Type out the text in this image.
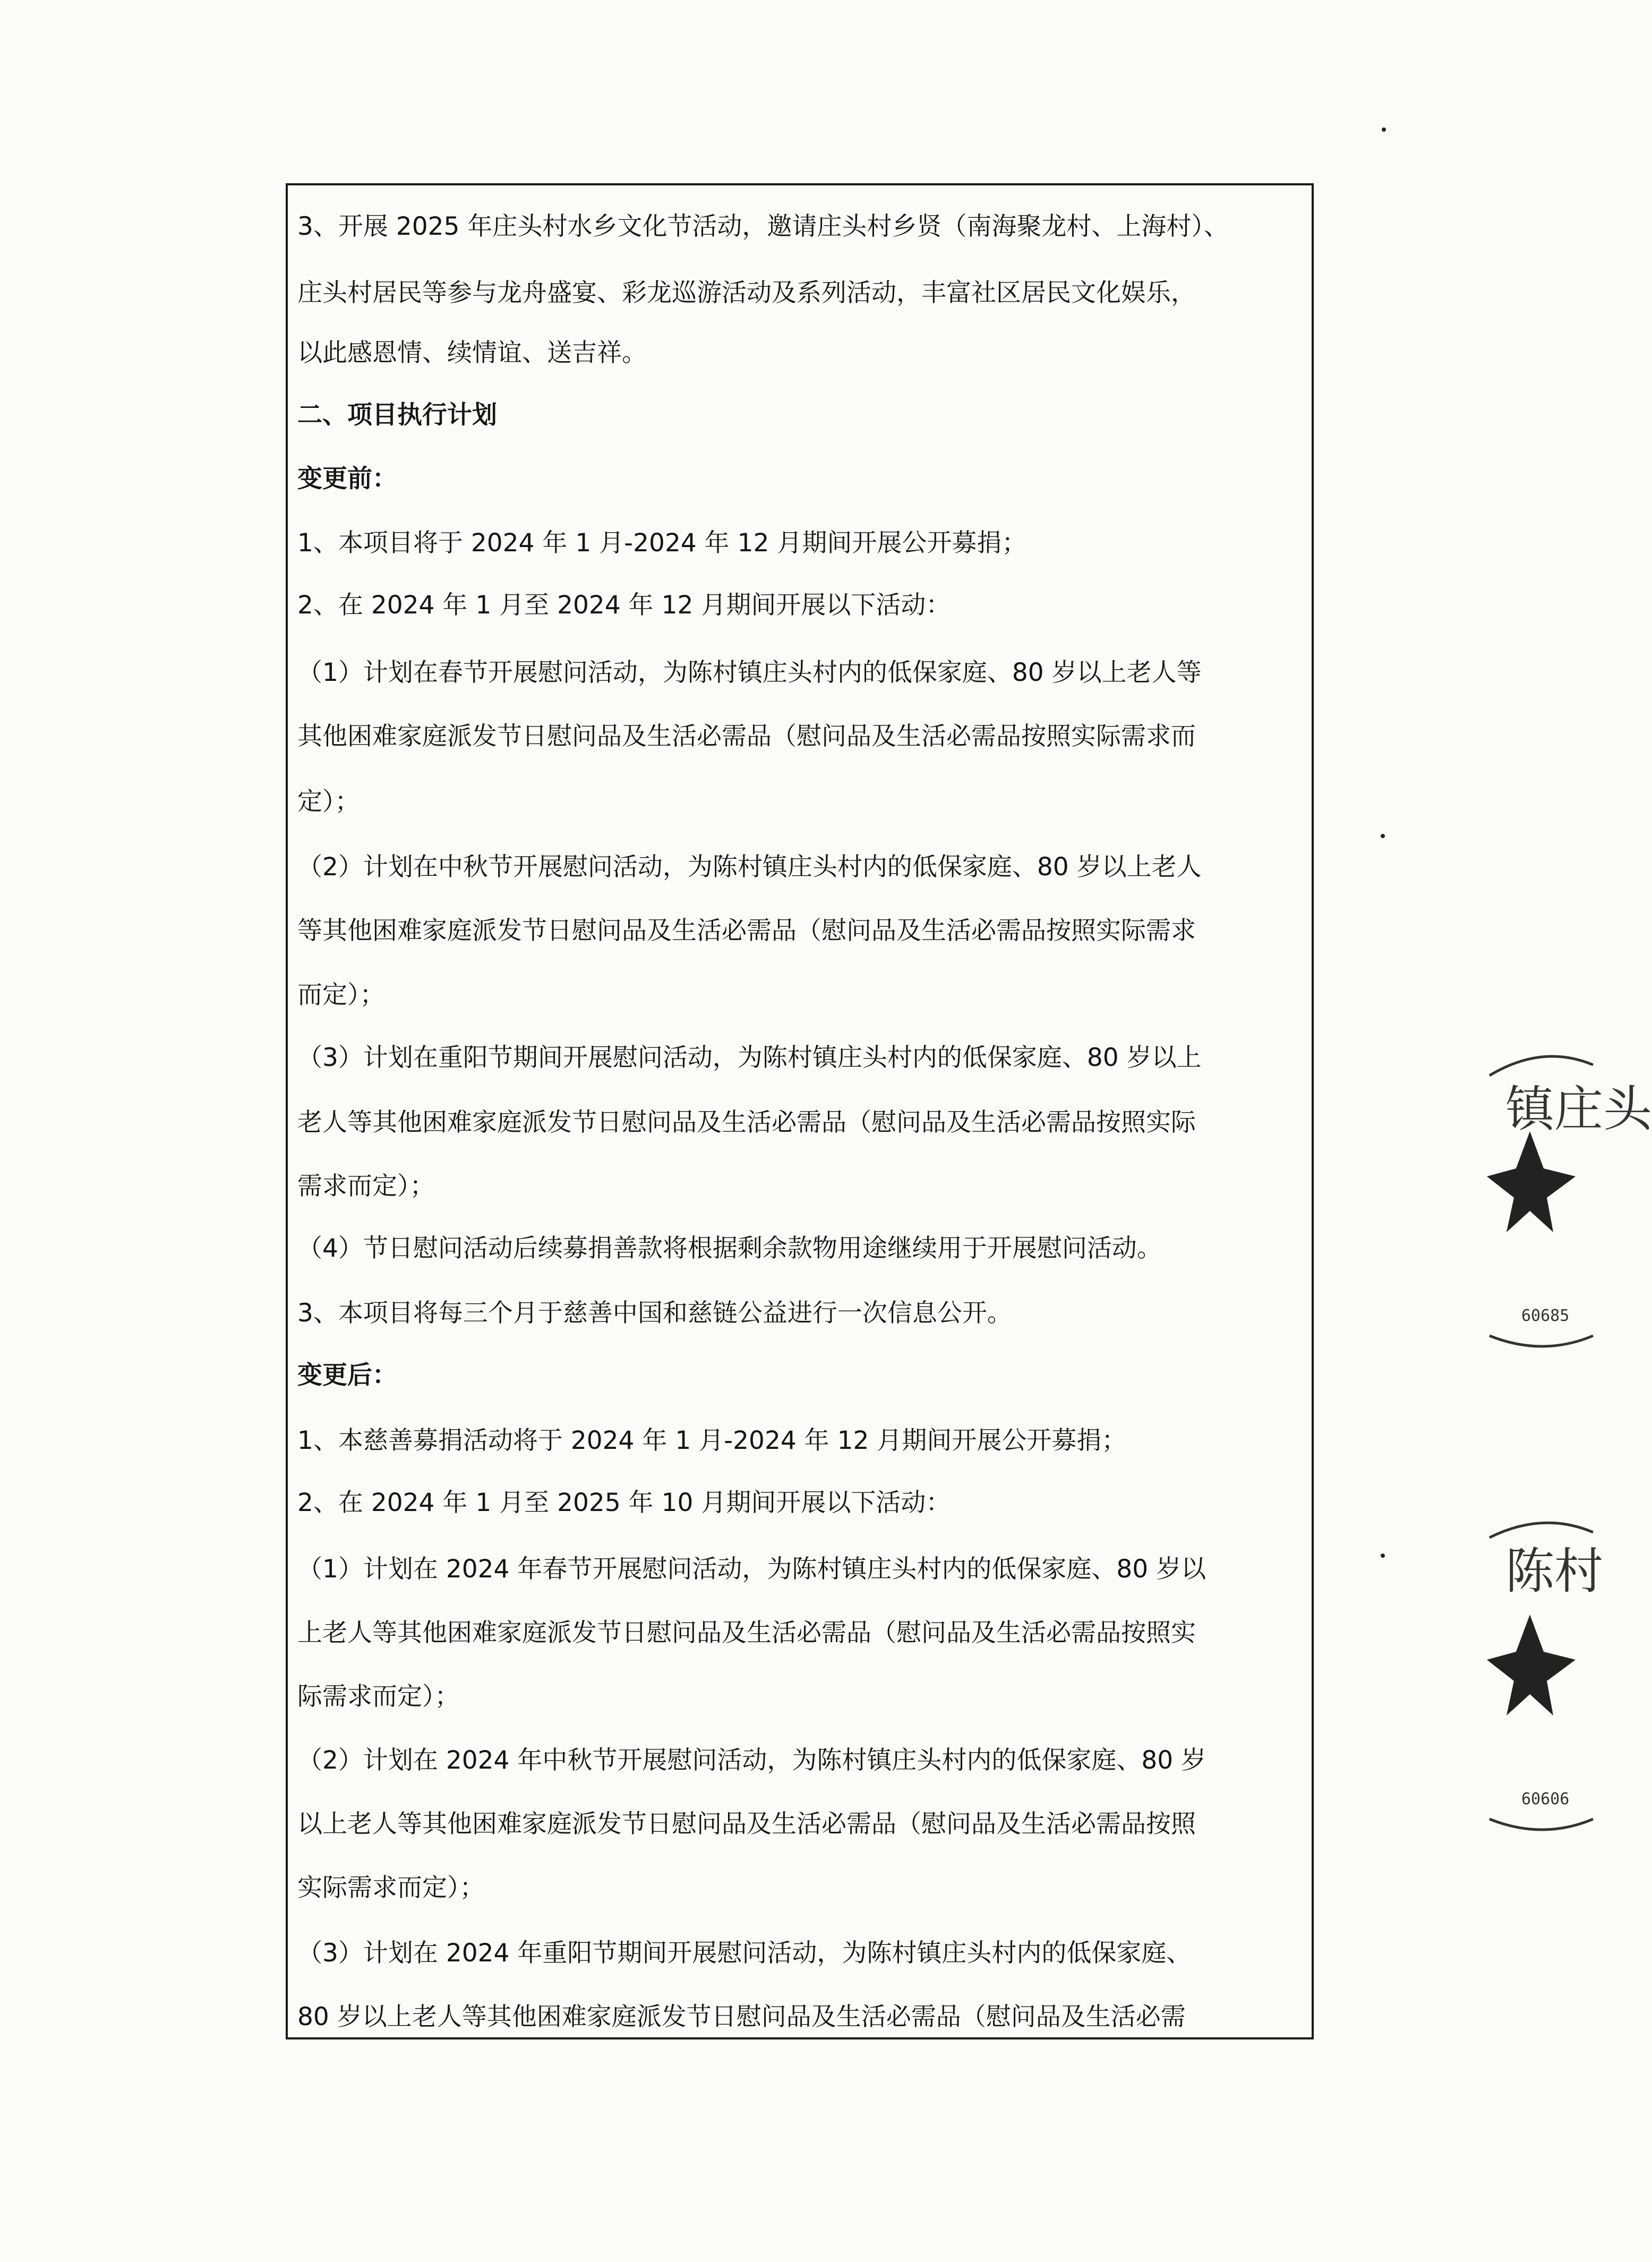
3、开展 2025 年庄头村水乡文化节活动，邀请庄头村乡贤（南海聚龙村、上海村）、
庄头村居民等参与龙舟盛宴、彩龙巡游活动及系列活动，丰富社区居民文化娱乐，
以此感恩情、续情谊、送吉祥。
二、项目执行计划
变更前：
1、本项目将于 2024 年 1 月-2024 年 12 月期间开展公开募捐；
2、在 2024 年 1 月至 2024 年 12 月期间开展以下活动：
（1）计划在春节开展慰问活动，为陈村镇庄头村内的低保家庭、80 岁以上老人等
其他困难家庭派发节日慰问品及生活必需品（慰问品及生活必需品按照实际需求而
定）；
（2）计划在中秋节开展慰问活动，为陈村镇庄头村内的低保家庭、80 岁以上老人
等其他困难家庭派发节日慰问品及生活必需品（慰问品及生活必需品按照实际需求
而定）；
（3）计划在重阳节期间开展慰问活动，为陈村镇庄头村内的低保家庭、80 岁以上
老人等其他困难家庭派发节日慰问品及生活必需品（慰问品及生活必需品按照实际
需求而定）；
（4）节日慰问活动后续募捐善款将根据剩余款物用途继续用于开展慰问活动。
3、本项目将每三个月于慈善中国和慈链公益进行一次信息公开。
变更后：
1、本慈善募捐活动将于 2024 年 1 月-2024 年 12 月期间开展公开募捐；
2、在 2024 年 1 月至 2025 年 10 月期间开展以下活动：
（1）计划在 2024 年春节开展慰问活动，为陈村镇庄头村内的低保家庭、80 岁以
上老人等其他困难家庭派发节日慰问品及生活必需品（慰问品及生活必需品按照实
际需求而定）；
（2）计划在 2024 年中秋节开展慰问活动，为陈村镇庄头村内的低保家庭、80 岁
以上老人等其他困难家庭派发节日慰问品及生活必需品（慰问品及生活必需品按照
实际需求而定）；
（3）计划在 2024 年重阳节期间开展慰问活动，为陈村镇庄头村内的低保家庭、
80 岁以上老人等其他困难家庭派发节日慰问品及生活必需品（慰问品及生活必需
镇庄头
60685
陈村
60606
